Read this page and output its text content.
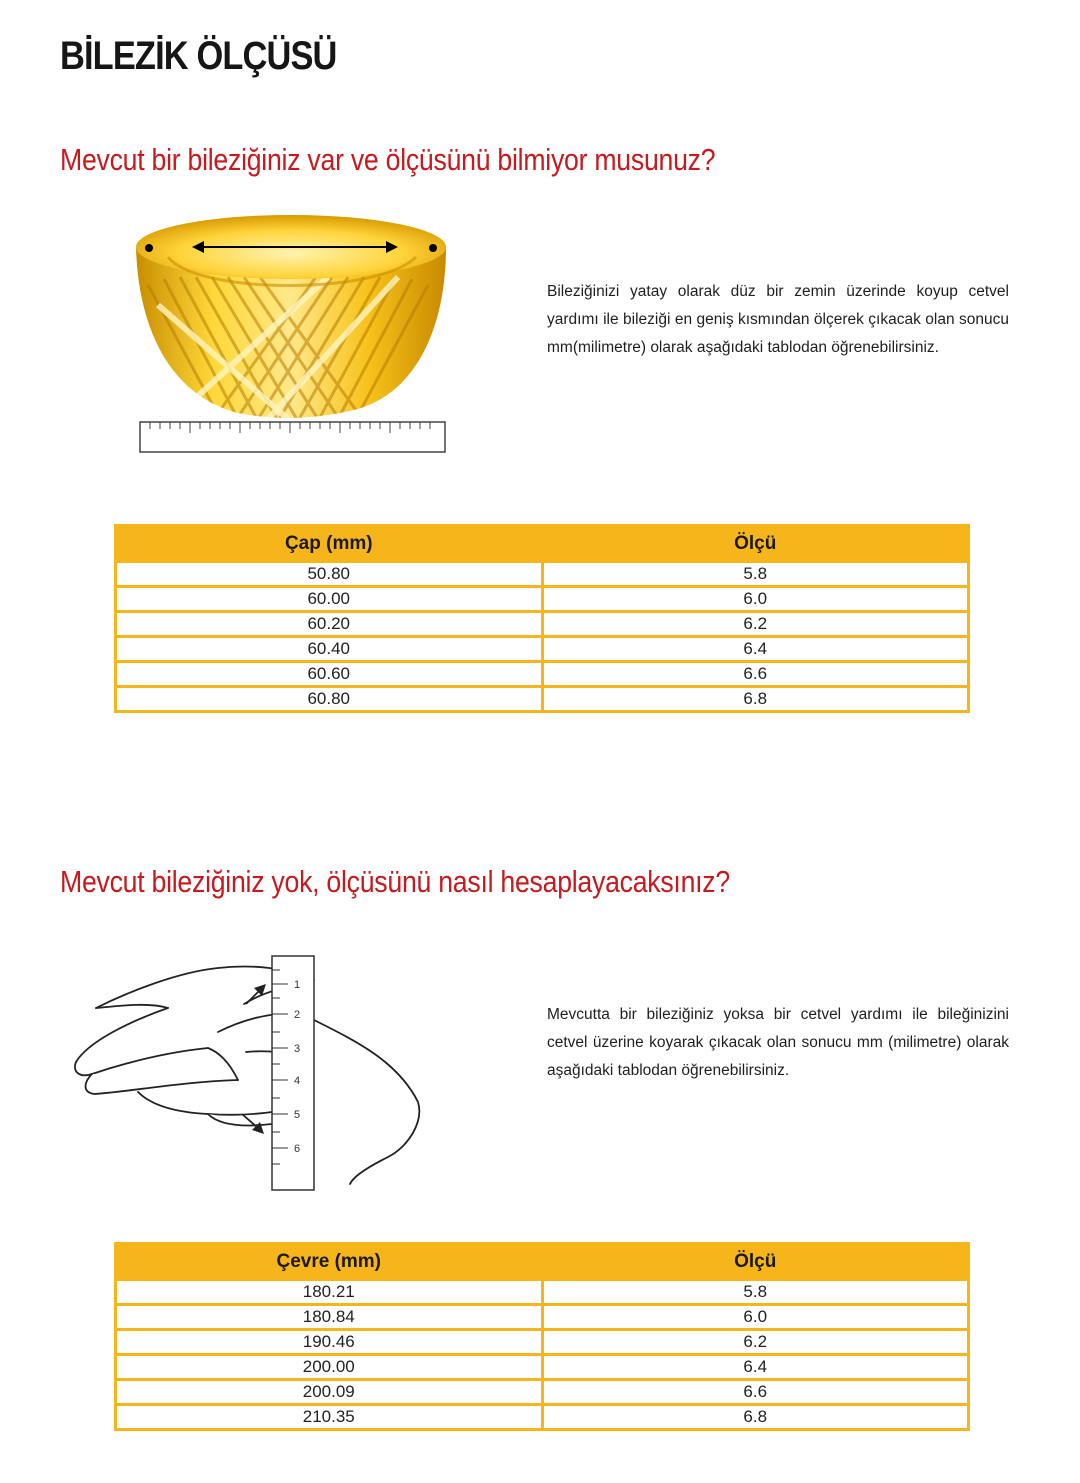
BİLEZİK ÖLÇÜSÜ
Mevcut bir bileziğiniz var ve ölçüsünü bilmiyor musunuz?

Bileziğinizi yatay olarak düz bir zemin üzerinde koyup cetvel yardımı ile bileziği en geniş kısmından ölçerek çıkacak olan sonucu mm(milimetre) olarak aşağıdaki tablodan öğrenebilirsiniz.

Çap (mm)	Ölçü
50.80	5.8
60.00	6.0
60.20	6.2
60.40	6.4
60.60	6.6
60.80	6.8
Mevcut bileziğiniz yok, ölçüsünü nasıl hesaplayacaksınız?
1
2
3
4
5
6

Mevcutta bir bileziğiniz yoksa bir cetvel yardımı ile bileğinizini cetvel üzerine koyarak çıkacak olan sonucu mm (milimetre) olarak aşağıdaki tablodan öğrenebilirsiniz.

Çevre (mm)	Ölçü
180.21	5.8
180.84	6.0
190.46	6.2
200.00	6.4
200.09	6.6
210.35	6.8
